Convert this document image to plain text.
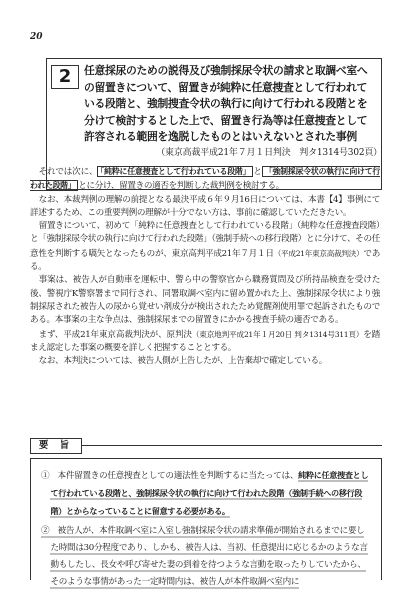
20
2	任意採尿のための説得及び強制採尿令状の請求と取調べ室への留置きについて、留置きが純粋に任意捜査として行われている段階と、強制捜査令状の執行に向けて行われる段階とを分けて検討するとした上で、留置き行為等は任意捜査として許容される範囲を逸脱したものとはいえないとされた事例
（東京高裁平成21年７月１日判決　判タ1314号302頁）

それでは次に、 「純粋に任意捜査として行われている段階」 と 「強制採尿令状の執行に向けて行われた段階」 とに分け、留置きの適否を判断した裁判例を検討する。

なお、本裁判例の理解の前提となる最決平成６年９月16日については、本書【4】事例にて詳述するため、この重要判例の理解が十分でない方は、事前に確認していただきたい。

留置きについて、初めて「純粋に任意捜査として行われている段階」（純粋な任意捜査段階）と「強制採尿令状の執行に向けて行われた段階」（強制手続への移行段階）とに分けて、その任意性を判断する嚆矢となったものが、東京高判平成21年７月１日（平成21年東京高裁判決）である。

事案は、被告人が自動車を運転中、警ら中の警察官から職務質問及び所持品検査を受けた後、警視庁K警察署まで同行され、同署取調べ室内に留め置かれた上、強制採尿令状により強制採尿された被告人の尿から覚せい剤成分が検出されたため覚醒剤使用罪で起訴されたものである。本事案の主な争点は、強制採尿までの留置きにかかる捜査手続の適否である。

まず、平成21年東京高裁判決が、原判決（東京地判平成21年１月20日 判タ1314号311頁）を踏まえ認定した事案の概要を詳しく把握することとする。

なお、本判決については、被告人側が上告したが、上告棄却で確定している。

要 旨

①　本件留置きの任意捜査としての適法性を判断するに当たっては、純粋に任意捜査として行われている段階と、強制採尿令状の執行に向けて行われた段階（強制手続への移行段階）とからなっていることに留意する必要がある。

②　被告人が、本件取調べ室に入室し強制採尿令状の請求準備が開始されるまでに要した時間は30分程度であり、しかも、被告人は、当初、任意提出に応じるかのような言動もしたし、長女や呼び寄せた妻の到着を待つような言動を取ったりしていたから、そのような事情があった一定時間内は、被告人が本件取調べ室内に
